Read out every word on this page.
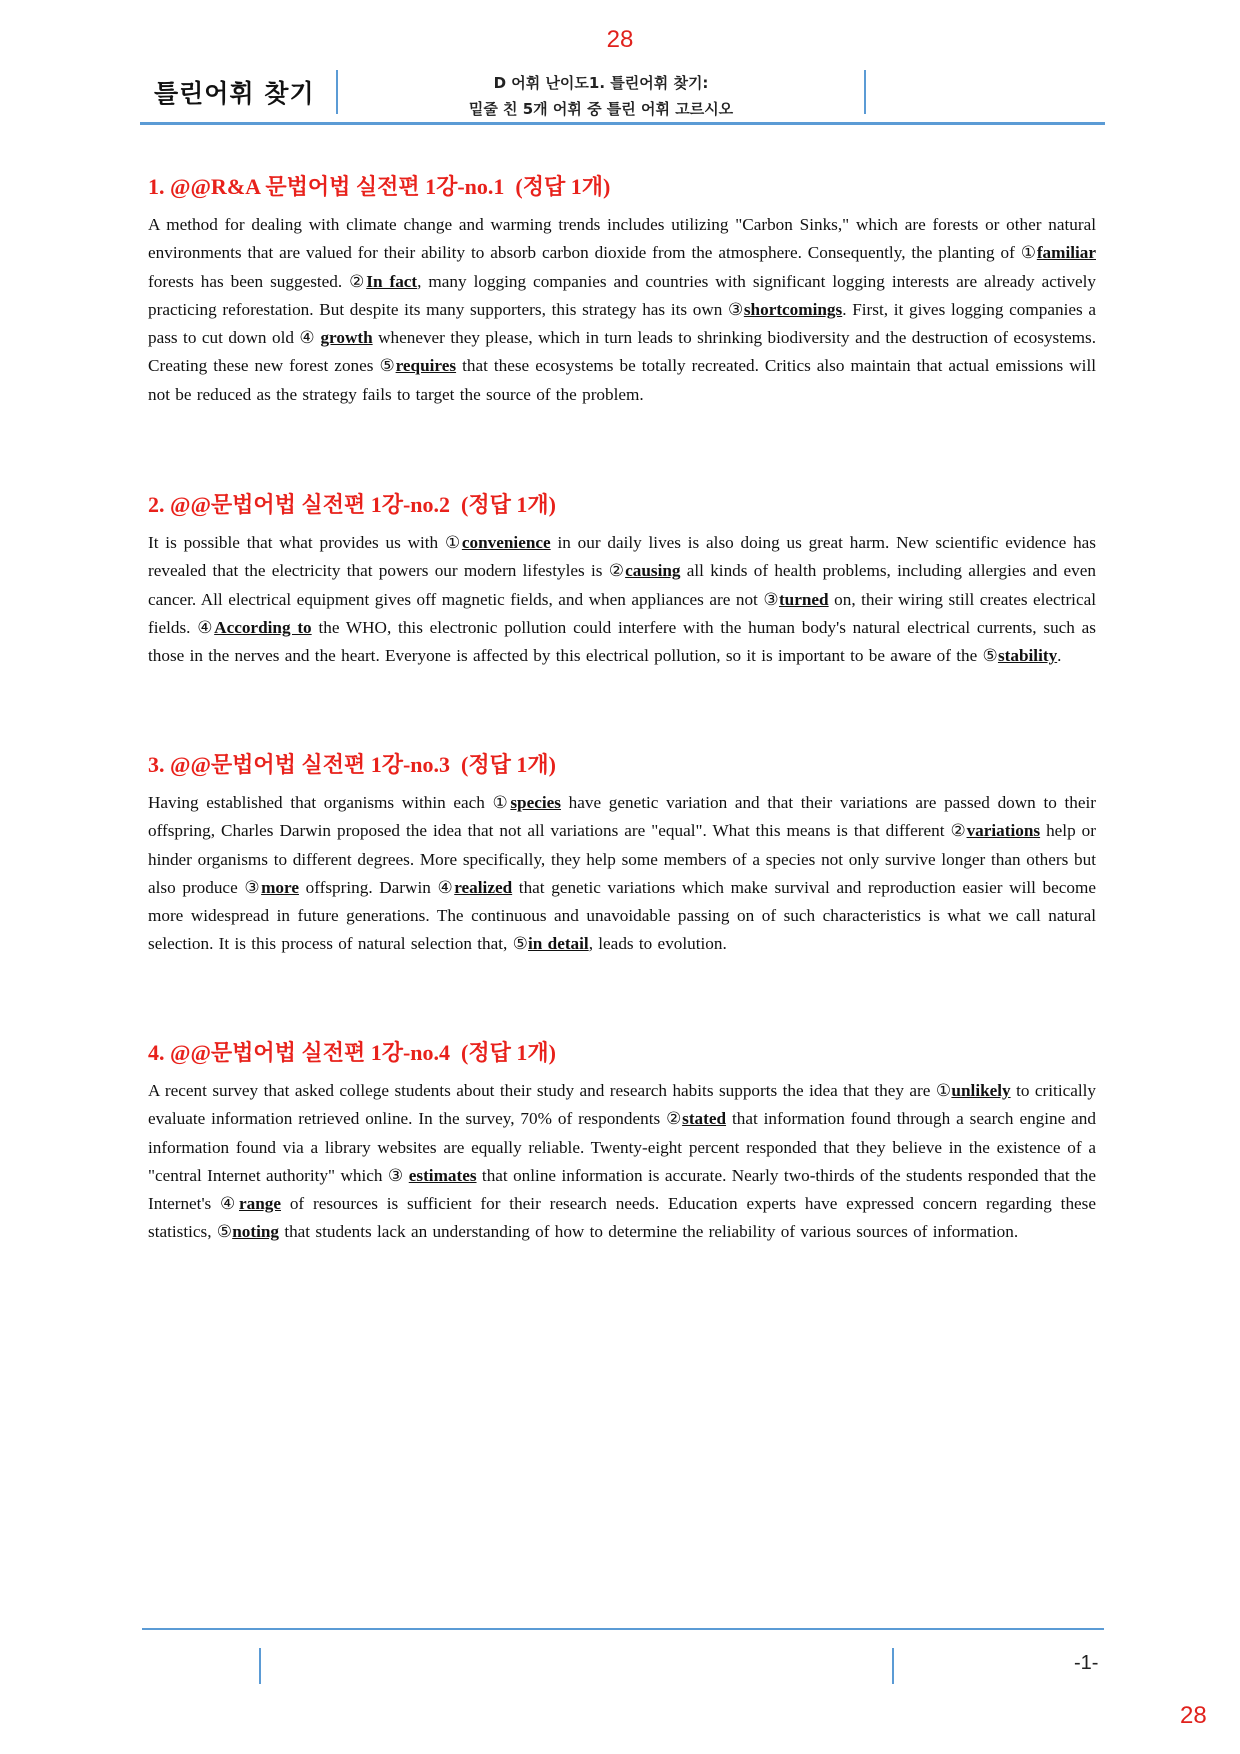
28
틀린어휘 찾기	D 어휘 난이도1. 틀린어휘 찾기:
밑줄 친 5개 어휘 중 틀린 어휘 고르시오
1. @@R&A 문법어법 실전편 1강-no.1  (정답 1개)

A method for dealing with climate change and warming trends includes utilizing "Carbon Sinks," which are forests or other natural environments that are valued for their ability to absorb carbon dioxide from the atmosphere. Consequently, the planting of ①familiar forests has been suggested. ②In fact, many logging companies and countries with significant logging interests are already actively practicing reforestation. But despite its many supporters, this strategy has its own ③shortcomings. First, it gives logging companies a pass to cut down old ④ growth whenever they please, which in turn leads to shrinking biodiversity and the destruction of ecosystems. Creating these new forest zones ⑤requires that these ecosystems be totally recreated. Critics also maintain that actual emissions will not be reduced as the strategy fails to target the source of the problem.

2. @@문법어법 실전편 1강-no.2  (정답 1개)

It is possible that what provides us with ①convenience in our daily lives is also doing us great harm. New scientific evidence has revealed that the electricity that powers our modern lifestyles is ②causing all kinds of health problems, including allergies and even cancer. All electrical equipment gives off magnetic fields, and when appliances are not ③turned on, their wiring still creates electrical fields. ④According to the WHO, this electronic pollution could interfere with the human body's natural electrical currents, such as those in the nerves and the heart. Everyone is affected by this electrical pollution, so it is important to be aware of the ⑤stability.

3. @@문법어법 실전편 1강-no.3  (정답 1개)

Having established that organisms within each ①species have genetic variation and that their variations are passed down to their offspring, Charles Darwin proposed the idea that not all variations are "equal". What this means is that different ②variations help or hinder organisms to different degrees. More specifically, they help some members of a species not only survive longer than others but also produce ③more offspring. Darwin ④realized that genetic variations which make survival and reproduction easier will become more widespread in future generations. The continuous and unavoidable passing on of such characteristics is what we call natural selection. It is this process of natural selection that, ⑤in detail, leads to evolution.

4. @@문법어법 실전편 1강-no.4  (정답 1개)

A recent survey that asked college students about their study and research habits supports the idea that they are ①unlikely to critically evaluate information retrieved online. In the survey, 70% of respondents ②stated that information found through a search engine and information found via a library websites are equally reliable. Twenty-eight percent responded that they believe in the existence of a "central Internet authority" which ③ estimates that online information is accurate. Nearly two-thirds of the students responded that the Internet's ④range of resources is sufficient for their research needs. Education experts have expressed concern regarding these statistics, ⑤noting that students lack an understanding of how to determine the reliability of various sources of information.

-1-
28
